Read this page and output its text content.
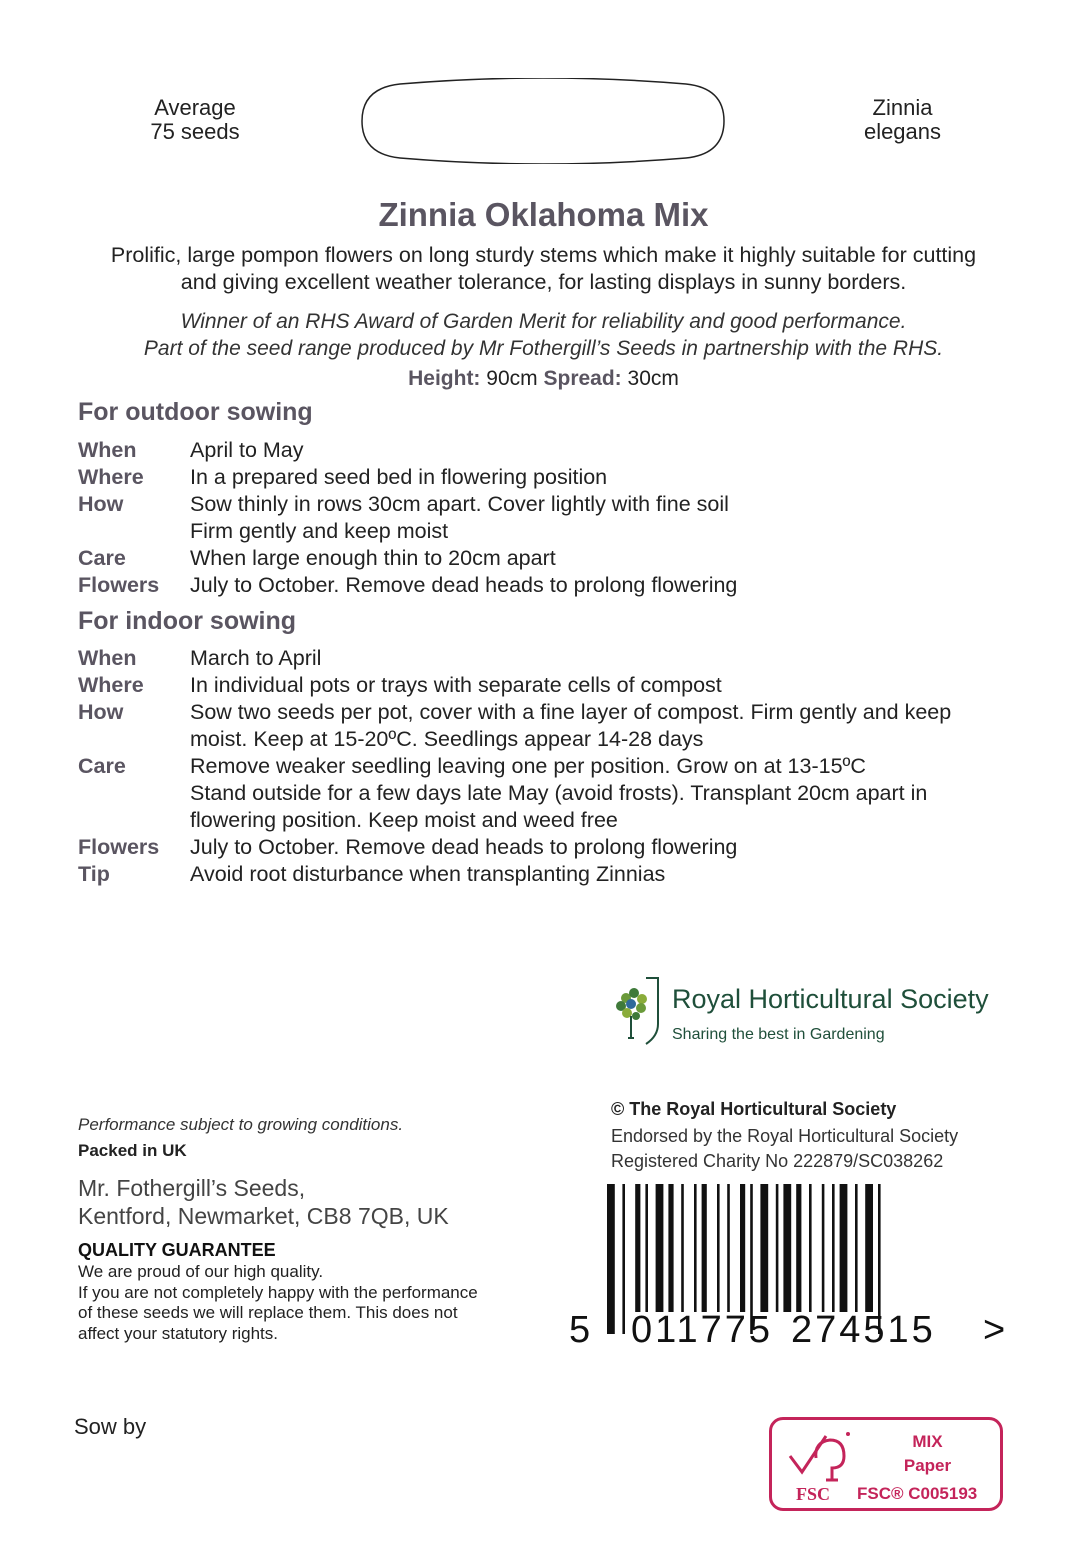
Average
75 seeds
Zinnia
elegans
Zinnia Oklahoma Mix
Prolific, large pompon flowers on long sturdy stems which make it highly suitable for cutting
and giving excellent weather tolerance, for lasting displays in sunny borders.
Winner of an RHS Award of Garden Merit for reliability and good performance.
Part of the seed range produced by Mr Fothergill’s Seeds in partnership with the RHS.
Height: 90cm Spread: 30cm
For outdoor sowing
When	April to May
Where	In a prepared seed bed in flowering position
How	Sow thinly in rows 30cm apart. Cover lightly with fine soil
Firm gently and keep moist
Care	When large enough thin to 20cm apart
Flowers	July to October. Remove dead heads to prolong flowering
For indoor sowing
When	March to April
Where	In individual pots or trays with separate cells of compost
How	Sow two seeds per pot, cover with a fine layer of compost. Firm gently and keep
moist. Keep at 15-20ºC. Seedlings appear 14-28 days
Care	Remove weaker seedling leaving one per position. Grow on at 13-15ºC
Stand outside for a few days late May (avoid frosts). Transplant 20cm apart in
flowering position. Keep moist and weed free
Flowers	July to October. Remove dead heads to prolong flowering
Tip	Avoid root disturbance when transplanting Zinnias
Royal Horticultural Society
Sharing the best in Gardening
Performance subject to growing conditions.
Packed in UK
Mr. Fothergill’s Seeds,
Kentford, Newmarket, CB8 7QB, UK
QUALITY GUARANTEE
We are proud of our high quality.
If you are not completely happy with the performance
of these seeds we will replace them. This does not
affect your statutory rights.
© The Royal Horticultural Society
Endorsed by the Royal Horticultural Society
Registered Charity No 222879/SC038262
5 011775 274515 >
Sow by
FSC
MIX
Paper
FSC® C005193
